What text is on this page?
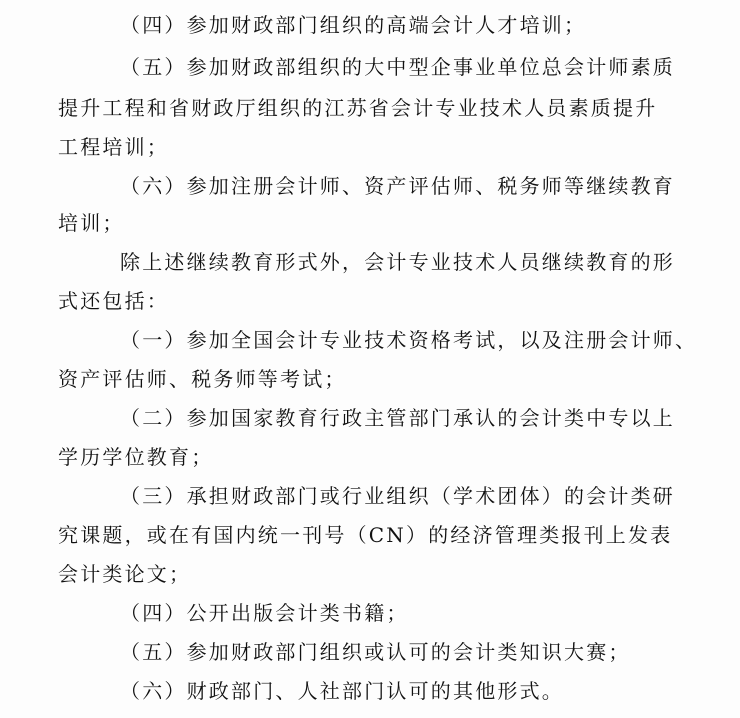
（四）参加财政部门组织的高端会计人才培训；
（五）参加财政部组织的大中型企事业单位总会计师素质
提升工程和省财政厅组织的江苏省会计专业技术人员素质提升
工程培训；
（六）参加注册会计师、资产评估师、税务师等继续教育
培训；
除上述继续教育形式外，会计专业技术人员继续教育的形
式还包括：
（一）参加全国会计专业技术资格考试，以及注册会计师、
资产评估师、税务师等考试；
（二）参加国家教育行政主管部门承认的会计类中专以上
学历学位教育；
（三）承担财政部门或行业组织（学术团体）的会计类研
究课题，或在有国内统一刊号（CN）的经济管理类报刊上发表
会计类论文；
（四）公开出版会计类书籍；
（五）参加财政部门组织或认可的会计类知识大赛；
（六）财政部门、人社部门认可的其他形式。
